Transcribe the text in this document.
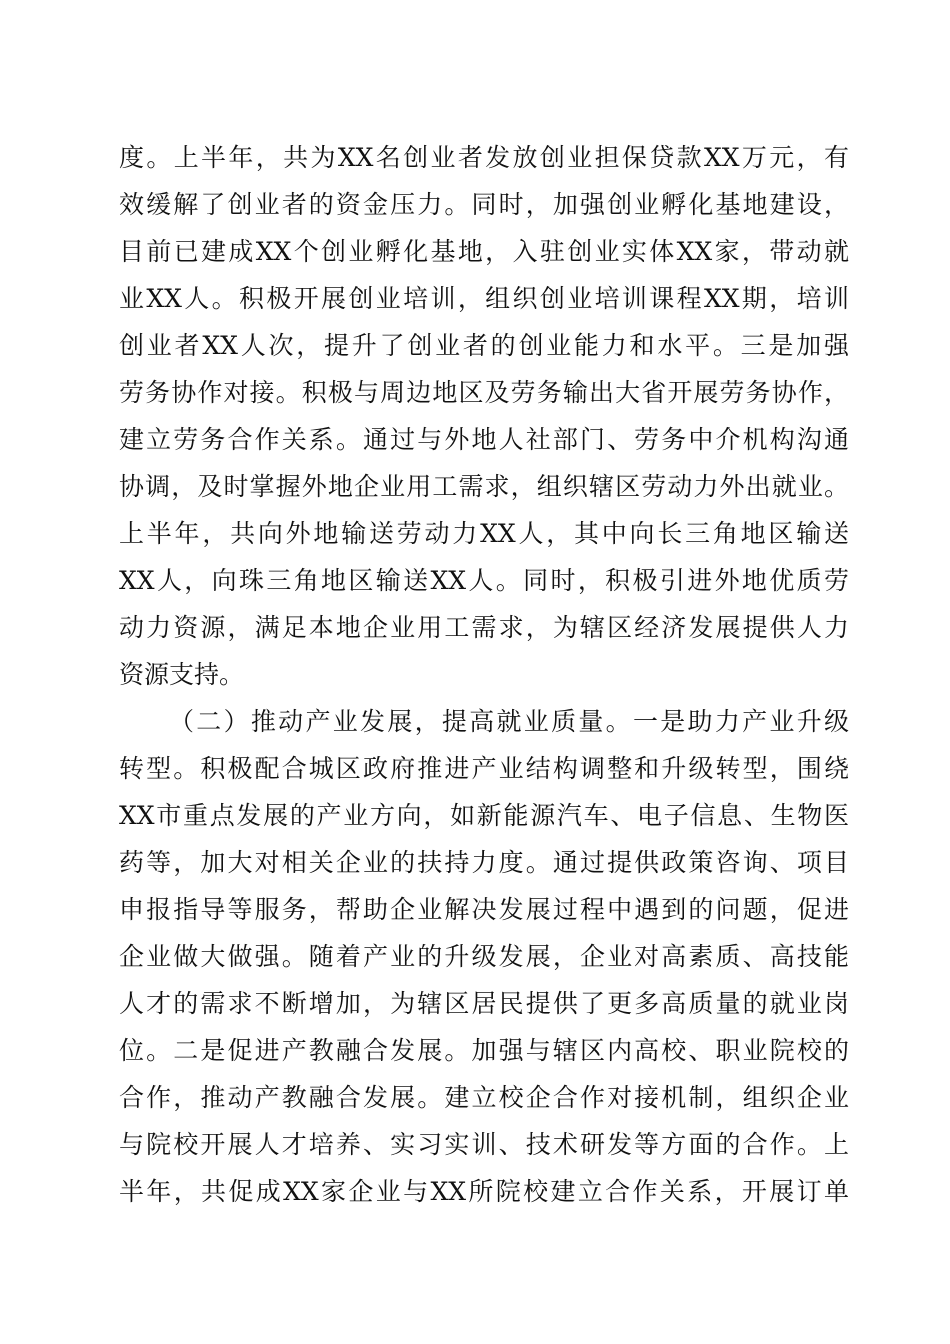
度。上半年，共为XX名创业者发放创业担保贷款XX万元，有
效缓解了创业者的资金压力。同时，加强创业孵化基地建设，
目前已建成XX个创业孵化基地，入驻创业实体XX家，带动就
业XX人。积极开展创业培训，组织创业培训课程XX期，培训
创业者XX人次，提升了创业者的创业能力和水平。三是加强
劳务协作对接。积极与周边地区及劳务输出大省开展劳务协作，
建立劳务合作关系。通过与外地人社部门、劳务中介机构沟通
协调，及时掌握外地企业用工需求，组织辖区劳动力外出就业。
上半年，共向外地输送劳动力XX人，其中向长三角地区输送
XX人，向珠三角地区输送XX人。同时，积极引进外地优质劳
动力资源，满足本地企业用工需求，为辖区经济发展提供人力
资源支持。
（二）推动产业发展，提高就业质量。一是助力产业升级
转型。积极配合城区政府推进产业结构调整和升级转型，围绕
XX市重点发展的产业方向，如新能源汽车、电子信息、生物医
药等，加大对相关企业的扶持力度。通过提供政策咨询、项目
申报指导等服务，帮助企业解决发展过程中遇到的问题，促进
企业做大做强。随着产业的升级发展，企业对高素质、高技能
人才的需求不断增加，为辖区居民提供了更多高质量的就业岗
位。二是促进产教融合发展。加强与辖区内高校、职业院校的
合作，推动产教融合发展。建立校企合作对接机制，组织企业
与院校开展人才培养、实习实训、技术研发等方面的合作。上
半年，共促成XX家企业与XX所院校建立合作关系，开展订单
